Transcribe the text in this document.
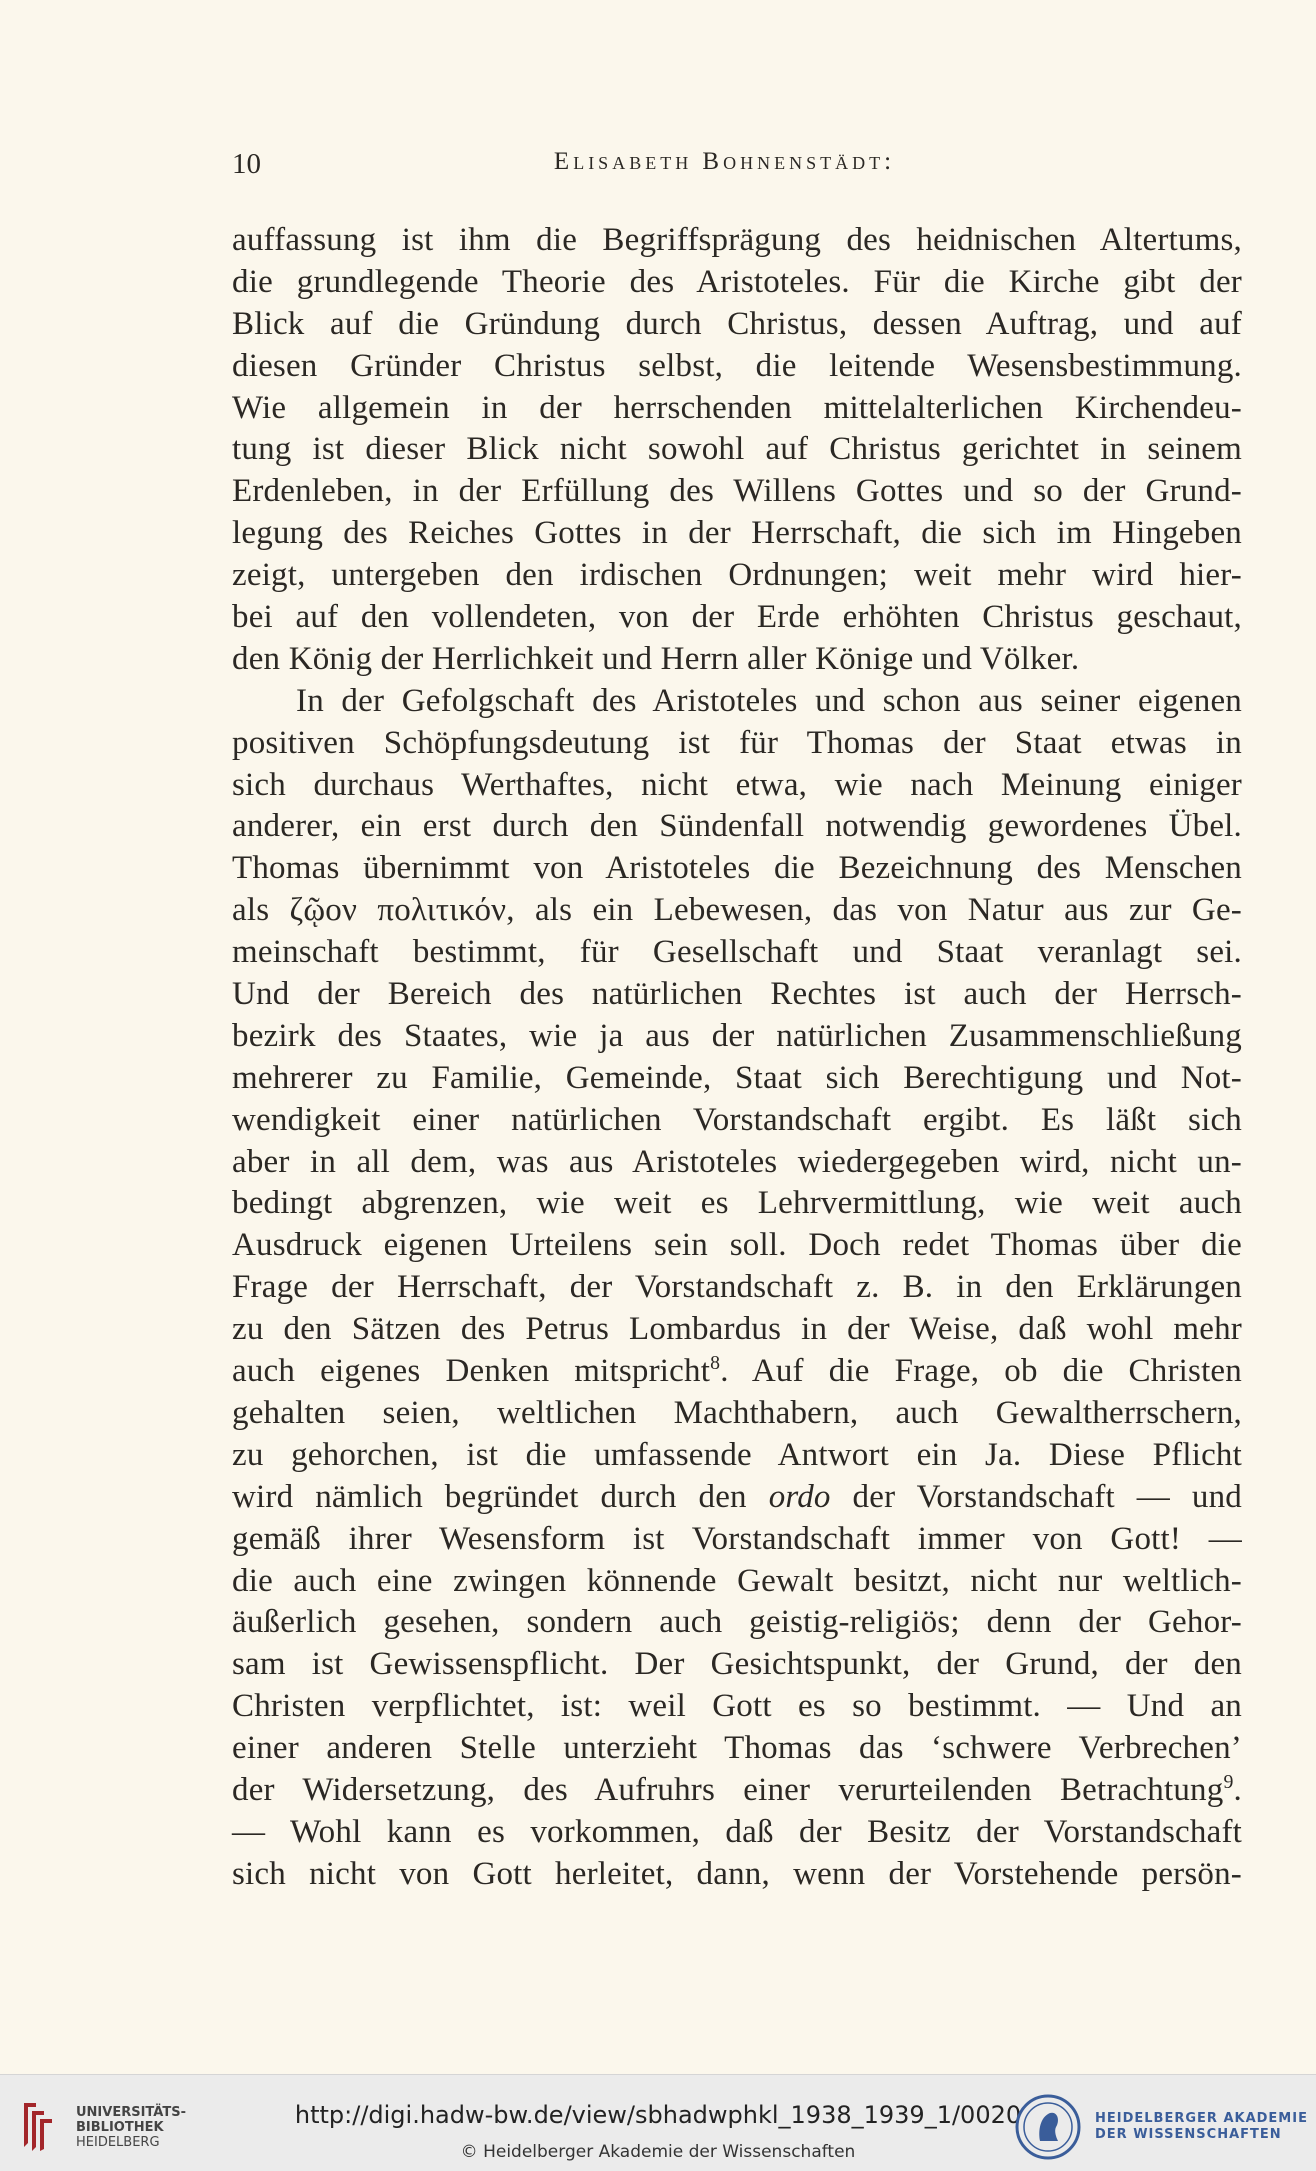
10	Elisabeth Bohnenstädt:
auffassung ist ihm die Begriffsprägung des heidnischen Altertums,
die grundlegende Theorie des Aristoteles. Für die Kirche gibt der
Blick auf die Gründung durch Christus, dessen Auftrag, und auf
diesen Gründer Christus selbst, die leitende Wesensbestimmung.
Wie allgemein in der herrschenden mittelalterlichen Kirchendeu-
tung ist dieser Blick nicht sowohl auf Christus gerichtet in seinem
Erdenleben, in der Erfüllung des Willens Gottes und so der Grund-
legung des Reiches Gottes in der Herrschaft, die sich im Hingeben
zeigt, untergeben den irdischen Ordnungen; weit mehr wird hier-
bei auf den vollendeten, von der Erde erhöhten Christus geschaut,
den König der Herrlichkeit und Herrn aller Könige und Völker.
In der Gefolgschaft des Aristoteles und schon aus seiner eigenen
positiven Schöpfungsdeutung ist für Thomas der Staat etwas in
sich durchaus Werthaftes, nicht etwa, wie nach Meinung einiger
anderer, ein erst durch den Sündenfall notwendig gewordenes Übel.
Thomas übernimmt von Aristoteles die Bezeichnung des Menschen
als ζῷον πολιτικόν, als ein Lebewesen, das von Natur aus zur Ge-
meinschaft bestimmt, für Gesellschaft und Staat veranlagt sei.
Und der Bereich des natürlichen Rechtes ist auch der Herrsch-
bezirk des Staates, wie ja aus der natürlichen Zusammenschließung
mehrerer zu Familie, Gemeinde, Staat sich Berechtigung und Not-
wendigkeit einer natürlichen Vorstandschaft ergibt. Es läßt sich
aber in all dem, was aus Aristoteles wiedergegeben wird, nicht un-
bedingt abgrenzen, wie weit es Lehrvermittlung, wie weit auch
Ausdruck eigenen Urteilens sein soll. Doch redet Thomas über die
Frage der Herrschaft, der Vorstandschaft z. B. in den Erklärungen
zu den Sätzen des Petrus Lombardus in der Weise, daß wohl mehr
auch eigenes Denken mitspricht$^8$. Auf die Frage, ob die Christen
gehalten seien, weltlichen Machthabern, auch Gewaltherrschern,
zu gehorchen, ist die umfassende Antwort ein Ja. Diese Pflicht
wird nämlich begründet durch den ordo der Vorstandschaft — und
gemäß ihrer Wesensform ist Vorstandschaft immer von Gott! —
die auch eine zwingen könnende Gewalt besitzt, nicht nur weltlich-
äußerlich gesehen, sondern auch geistig-religiös; denn der Gehor-
sam ist Gewissenspflicht. Der Gesichtspunkt, der Grund, der den
Christen verpflichtet, ist: weil Gott es so bestimmt. — Und an
einer anderen Stelle unterzieht Thomas das ‘schwere Verbrechen’
der Widersetzung, des Aufruhrs einer verurteilenden Betrachtung$^9$.
— Wohl kann es vorkommen, daß der Besitz der Vorstandschaft
sich nicht von Gott herleitet, dann, wenn der Vorstehende persön-
UNIVERSITÄTS-
BIBLIOTHEK
HEIDELBERG
http://digi.hadw-bw.de/view/sbhadwphkl_1938_1939_1/0020
© Heidelberger Akademie der Wissenschaften
HEIDELBERGER AKADEMIE
DER WISSENSCHAFTEN
